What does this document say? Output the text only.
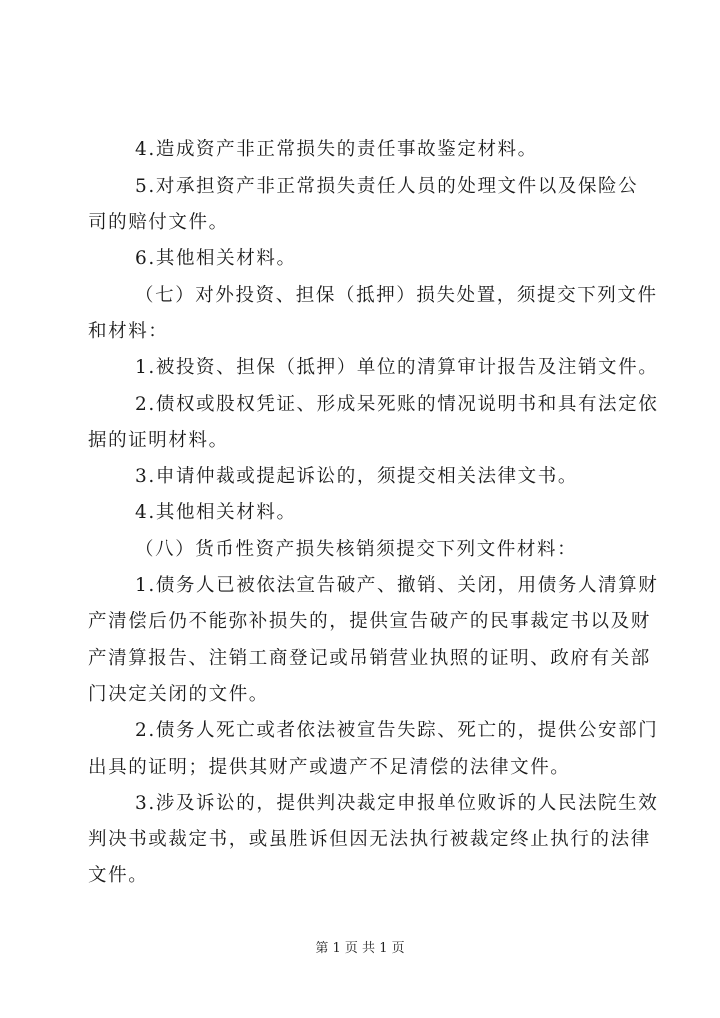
4.造成资产非正常损失的责任事故鉴定材料。
5.对承担资产非正常损失责任人员的处理文件以及保险公
司的赔付文件。
6.其他相关材料。
（七）对外投资、担保（抵押）损失处置，须提交下列文件
和材料：
1.被投资、担保（抵押）单位的清算审计报告及注销文件。
2.债权或股权凭证、形成呆死账的情况说明书和具有法定依
据的证明材料。
3.申请仲裁或提起诉讼的，须提交相关法律文书。
4.其他相关材料。
（八）货币性资产损失核销须提交下列文件材料：
1.债务人已被依法宣告破产、撤销、关闭，用债务人清算财
产清偿后仍不能弥补损失的，提供宣告破产的民事裁定书以及财
产清算报告、注销工商登记或吊销营业执照的证明、政府有关部
门决定关闭的文件。
2.债务人死亡或者依法被宣告失踪、死亡的，提供公安部门
出具的证明；提供其财产或遗产不足清偿的法律文件。
3.涉及诉讼的，提供判决裁定申报单位败诉的人民法院生效
判决书或裁定书，或虽胜诉但因无法执行被裁定终止执行的法律
文件。
第 1 页 共 1 页
